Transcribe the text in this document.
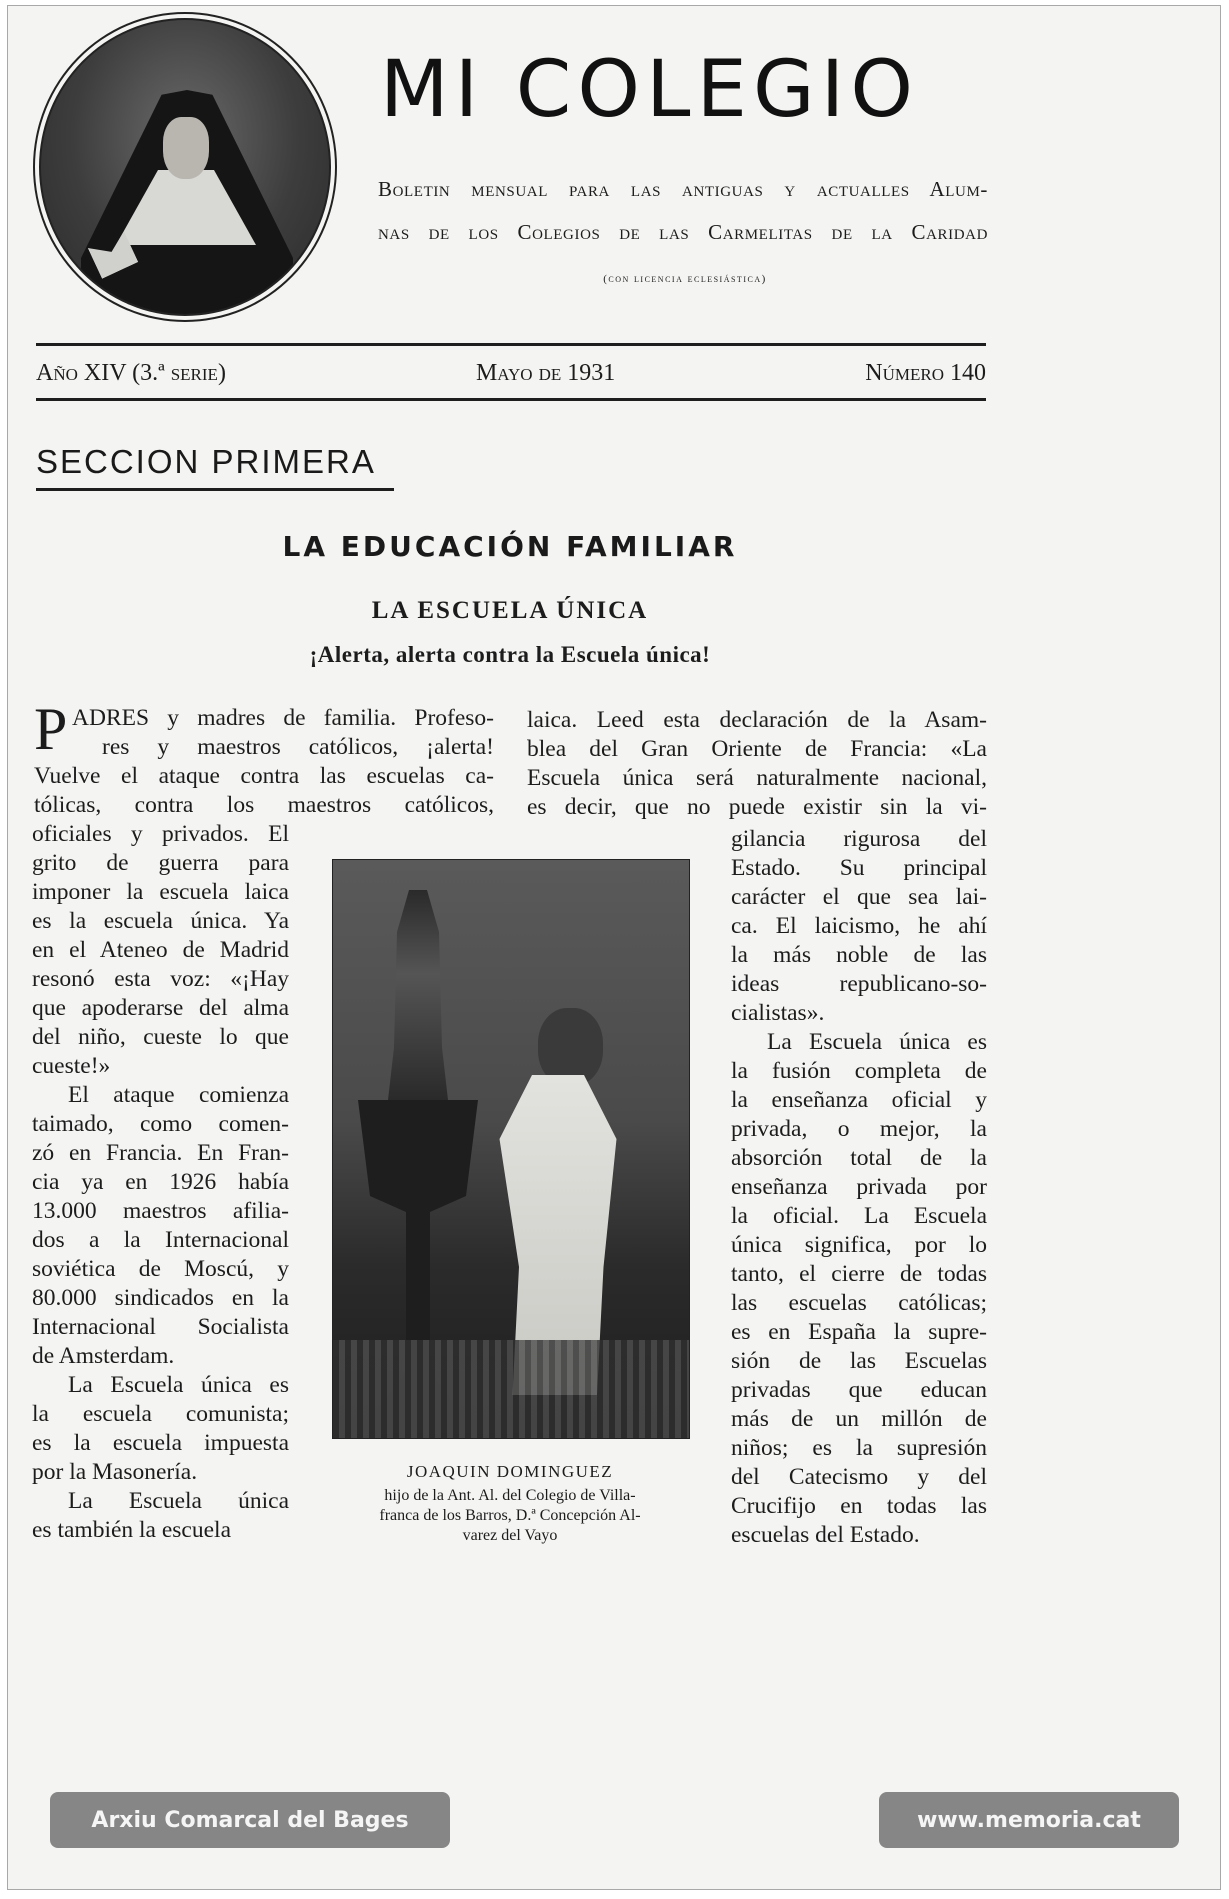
MI COLEGIO
Boletin mensual para las antiguas y actualles Alum-
nas de los Colegios de las Carmelitas de la Caridad
(con licencia eclesiástica)
Año XIV (3.ª serie)	Mayo de 1931	Número 140
SECCION PRIMERA
LA EDUCACIÓN FAMILIAR
LA ESCUELA ÚNICA
¡Alerta, alerta contra la Escuela única!
P ADRES y madres de familia. Profeso-

res y maestros católicos, ¡alerta!

Vuelve el ataque contra las escuelas ca-

tólicas, contra los maestros católicos,

oficiales y privados. El

grito de guerra para

imponer la escuela laica

es la escuela única. Ya

en el Ateneo de Madrid

resonó esta voz: «¡Hay

que apoderarse del alma

del niño, cueste lo que

cueste!»

El ataque comienza

taimado, como comen-

zó en Francia. En Fran-

cia ya en 1926 había

13.000 maestros afilia-

dos a la Internacional

soviética de Moscú, y

80.000 sindicados en la

Internacional Socialista

de Amsterdam.

La Escuela única es

la escuela comunista;

es la escuela impuesta

por la Masonería.

La Escuela única

es también la escuela

laica. Leed esta declaración de la Asam-

blea del Gran Oriente de Francia: «La

Escuela única será naturalmente nacional,

es decir, que no puede existir sin la vi-

gilancia rigurosa del

Estado. Su principal

carácter el que sea lai-

ca. El laicismo, he ahí

la más noble de las

ideas republicano-so-

cialistas».

La Escuela única es

la fusión completa de

la enseñanza oficial y

privada, o mejor, la

absorción total de la

enseñanza privada por

la oficial. La Escuela

única significa, por lo

tanto, el cierre de todas

las escuelas católicas;

es en España la supre-

sión de las Escuelas

privadas que educan

más de un millón de

niños; es la supresión

del Catecismo y del

Crucifijo en todas las

escuelas del Estado.

JOAQUIN DOMINGUEZ
hijo de la Ant. Al. del Colegio de Villa-
franca de los Barros, D.ª Concepción Al-
varez del Vayo
Arxiu Comarcal del Bages	www.memoria.cat
